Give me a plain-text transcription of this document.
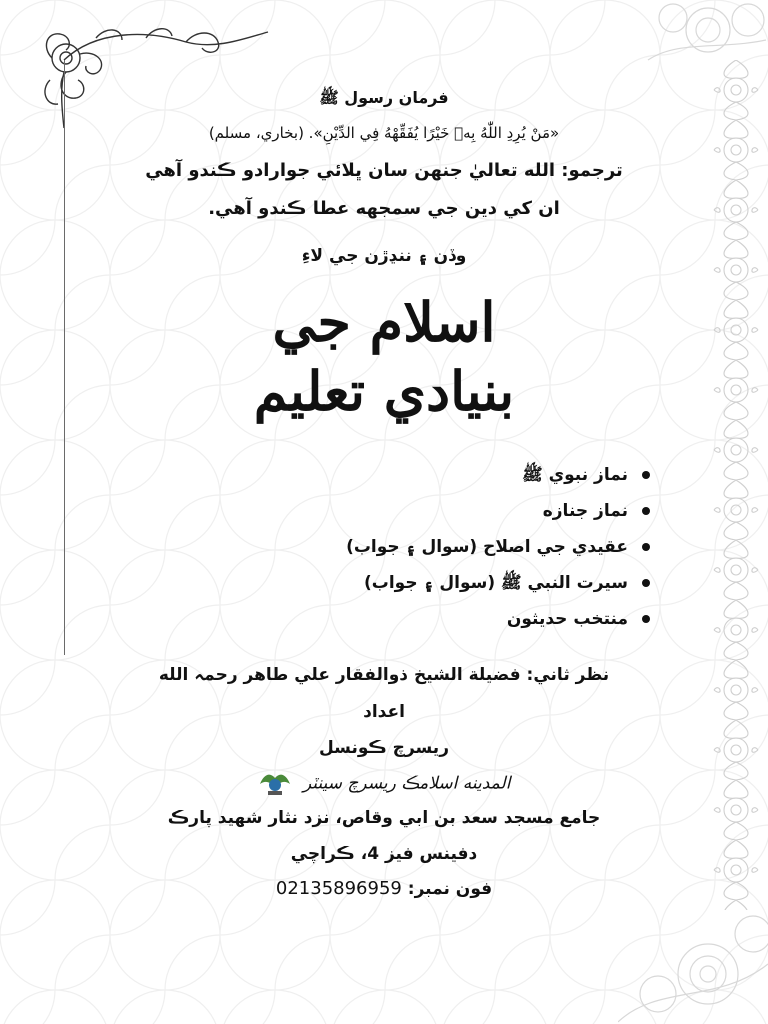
فرمان رسول ﷺ
«مَنْ يُرِدِ اللّٰهُ بِهٖ خَيْرًا يُفَقِّهْهُ فِي الدِّيْنِ». (بخاري، مسلم)
ترجمو: الله تعاليٰ جنهن سان ڀلائي جوارادو ڪندو آهي
ان کي دين جي سمجهه عطا ڪندو آهي.
وڏن ۽ ننڍڙن جي لاءِ
اسلام جي
بنيادي تعليم
نماز نبوي ﷺ
نماز جنازه
عقيدي جي اصلاح (سوال ۽ جواب)
سيرت النبي ﷺ (سوال ۽ جواب)
منتخب حديثون
نظر ثاني: فضيلة الشيخ ذوالفقار علي طاهر رحمہ الله
اعداد
ريسرچ ڪونسل
المدينه اسلامڪ ريسرچ سينٽر
جامع مسجد سعد بن ابي وقاص، نزد نثار شهيد پارڪ
دفينس فيز 4، ڪراچي
فون نمبر: 02135896959
